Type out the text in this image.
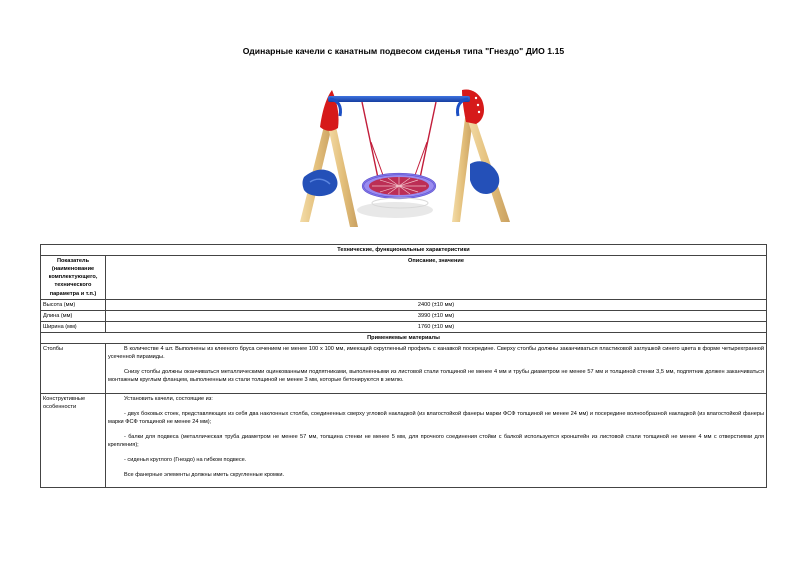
Одинарные качели с канатным подвесом сиденья типа "Гнездо" ДИО 1.15
Технические, функциональные характеристики	
Показатель (наименование комплектующего, технического параметра и т.п.)	Описание, значение
Высота (мм)	2400 (±10 мм)
Длина (мм)	3990 (±10 мм)
Ширина (мм)	1760 (±10 мм)
Применяемые материалы	
Столбы	В количестве 4 шт. Выполнены из клееного бруса сечением не менее 100 х 100 мм, имеющий скругленный профиль с канавкой посередине. Сверху столбы должны заканчиваться пластиковой заглушкой синего цвета в форме четырехгранной усеченной пирамиды.

Снизу столбы должны оканчиваться металлическими оцинкованными подпятниками, выполненными из листовой стали толщиной не менее 4 мм и трубы диаметром не менее 57 мм и толщиной стенки 3,5 мм, подпятник должен заканчиваться монтажным круглым фланцем, выполненным из стали толщиной не менее 3 мм, которые бетонируются в землю.

Конструктивные особенности	Установить качели, состоящие из:

- двух боковых стоек, представляющих из себя два наклонных столба, соединенных сверху угловой накладкой (из влагостойкой фанеры марки ФСФ толщиной не менее 24 мм) и посередине волнообразной накладкой (из влагостойкой фанеры марки ФСФ толщиной не менее 24 мм);

- балки для подвеса (металлическая труба диаметром не менее 57 мм, толщина стенки не менее 5 мм, для прочного соединения стойки с балкой используется кронштейн из листовой стали толщиной не менее 4 мм с отверстиями для крепления);

- сиденья круглого (Гнездо) на гибком подвесе.

Все фанерные элементы должны иметь скругленные кромки.
